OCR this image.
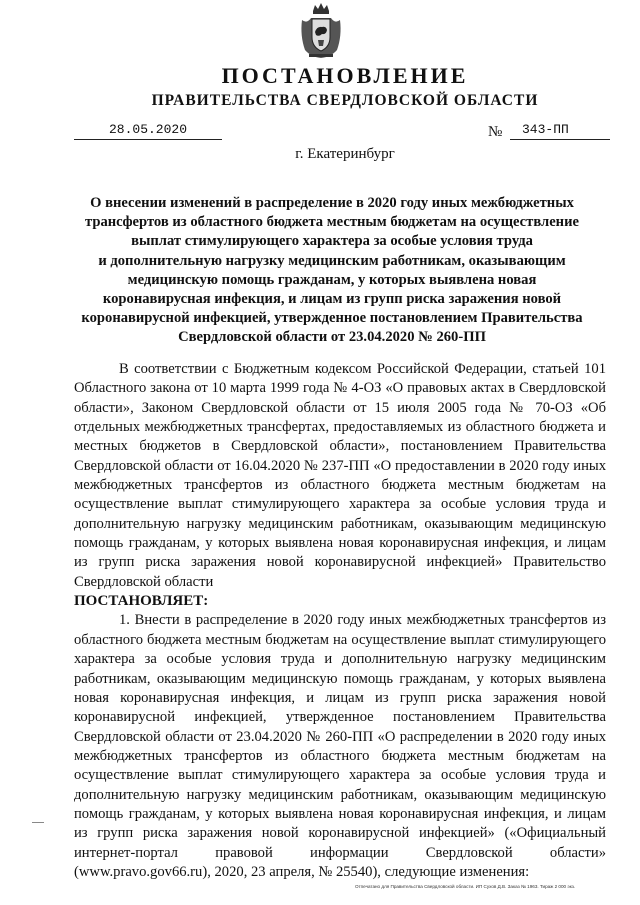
ПОСТАНОВЛЕНИЕ
ПРАВИТЕЛЬСТВА СВЕРДЛОВСКОЙ ОБЛАСТИ
28.05.2020	№	343-ПП
г. Екатеринбург
О внесении изменений в распределение в 2020 году иных межбюджетных
трансфертов из областного бюджета местным бюджетам на осуществление
выплат стимулирующего характера за особые условия труда
и дополнительную нагрузку медицинским работникам, оказывающим
медицинскую помощь гражданам, у которых выявлена новая
коронавирусная инфекция, и лицам из групп риска заражения новой
коронавирусной инфекцией, утвержденное постановлением Правительства
Свердловской области от 23.04.2020 № 260-ПП

В соответствии с Бюджетным кодексом Российской Федерации, статьей 101 Областного закона от 10 марта 1999 года № 4-ОЗ «О правовых актах в Свердловской области», Законом Свердловской области от 15 июля 2005 года № 70-ОЗ «Об отдельных межбюджетных трансфертах, предоставляемых из областного бюджета и местных бюджетов в Свердловской области», постановлением Правительства Свердловской области от 16.04.2020 № 237-ПП «О предоставлении в 2020 году иных межбюджетных трансфертов из областного бюджета местным бюджетам на осуществление выплат стимулирующего характера за особые условия труда и дополнительную нагрузку медицинским работникам, оказывающим медицинскую помощь гражданам, у которых выявлена новая коронавирусная инфекция, и лицам из групп риска заражения новой коронавирусной инфекцией» Правительство Свердловской области

ПОСТАНОВЛЯЕТ:

1. Внести в распределение в 2020 году иных межбюджетных трансфертов из областного бюджета местным бюджетам на осуществление выплат стимулирующего характера за особые условия труда и дополнительную нагрузку медицинским работникам, оказывающим медицинскую помощь гражданам, у которых выявлена новая коронавирусная инфекция, и лицам из групп риска заражения новой коронавирусной инфекцией, утвержденное постановлением Правительства Свердловской области от 23.04.2020 № 260-ПП «О распределении в 2020 году иных межбюджетных трансфертов из областного бюджета местным бюджетам на осуществление выплат стимулирующего характера за особые условия труда и дополнительную нагрузку медицинским работникам, оказывающим медицинскую помощь гражданам, у которых выявлена новая коронавирусная инфекция, и лицам из групп риска заражения новой коронавирусной инфекцией» («Официальный интернет-портал правовой информации Свердловской области» (www.pravo.gov66.ru), 2020, 23 апреля, № 25540), следующие изменения:

Отпечатано для Правительства Свердловской области. ИП Сухов Д.В. Заказ № 1963. Тираж 2 000 экз.
